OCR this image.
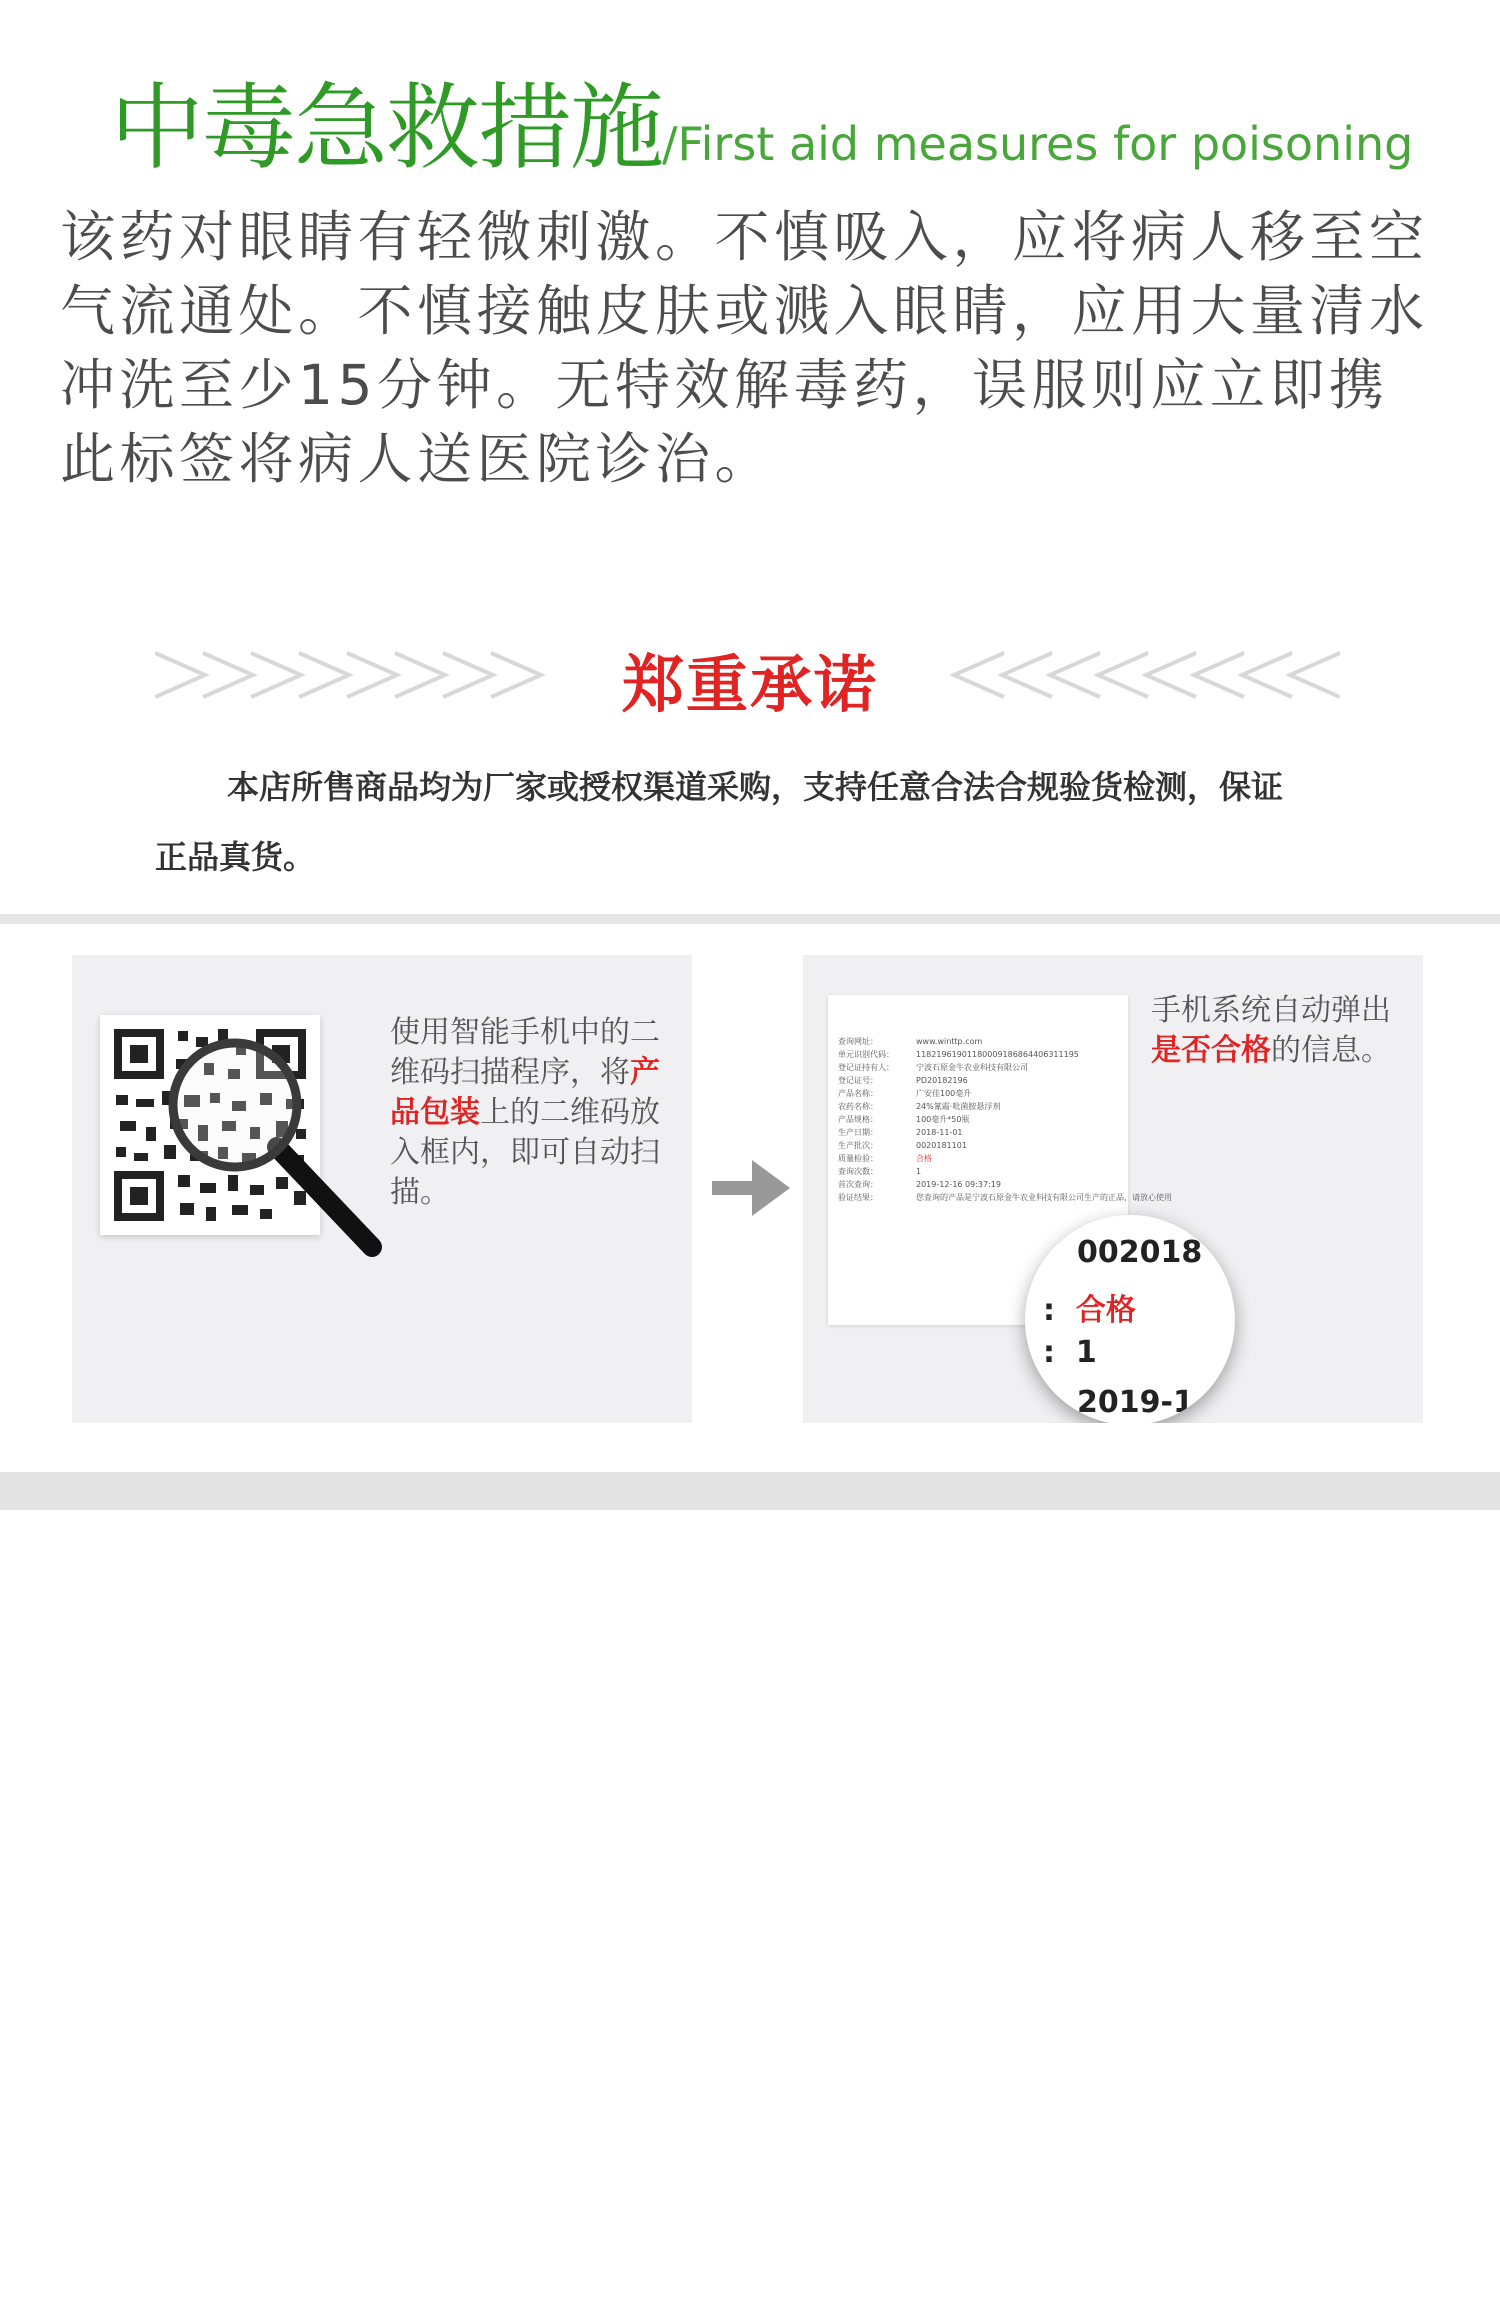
中毒急救措施/First aid measures for poisoning

该药对眼睛有轻微刺激。不慎吸入，应将病人移至空气流通处。不慎接触皮肤或溅入眼睛，应用大量清水冲洗至少15分钟。无特效解毒药，误服则应立即携此标签将病人送医院诊治。

郑重承诺

本店所售商品均为厂家或授权渠道采购，支持任意合法合规验货检测，保证正品真货。

使用智能手机中的二维码扫描程序，将产品包装上的二维码放入框内，即可自动扫描。

查询网址：	www.winttp.com
单元识别代码：	11821961901180009186864406311195
登记证持有人：	宁波石原金牛农业科技有限公司
登记证号：	PD20182196
产品名称：	广安佳100毫升
农药名称：	24%氰霜·吡菌胺悬浮剂
产品规格：	100毫升*50瓶
生产日期：	2018-11-01
生产批次：	0020181101
质量检验：	合格
查询次数：	1
首次查询：	2019-12-16 09:37:19
验证结果：	您查询的产品是宁波石原金牛农业科技有限公司生产的正品，请放心使用

手机系统自动弹出是否合格的信息。

002018
:  合格
:  1
2019-1
